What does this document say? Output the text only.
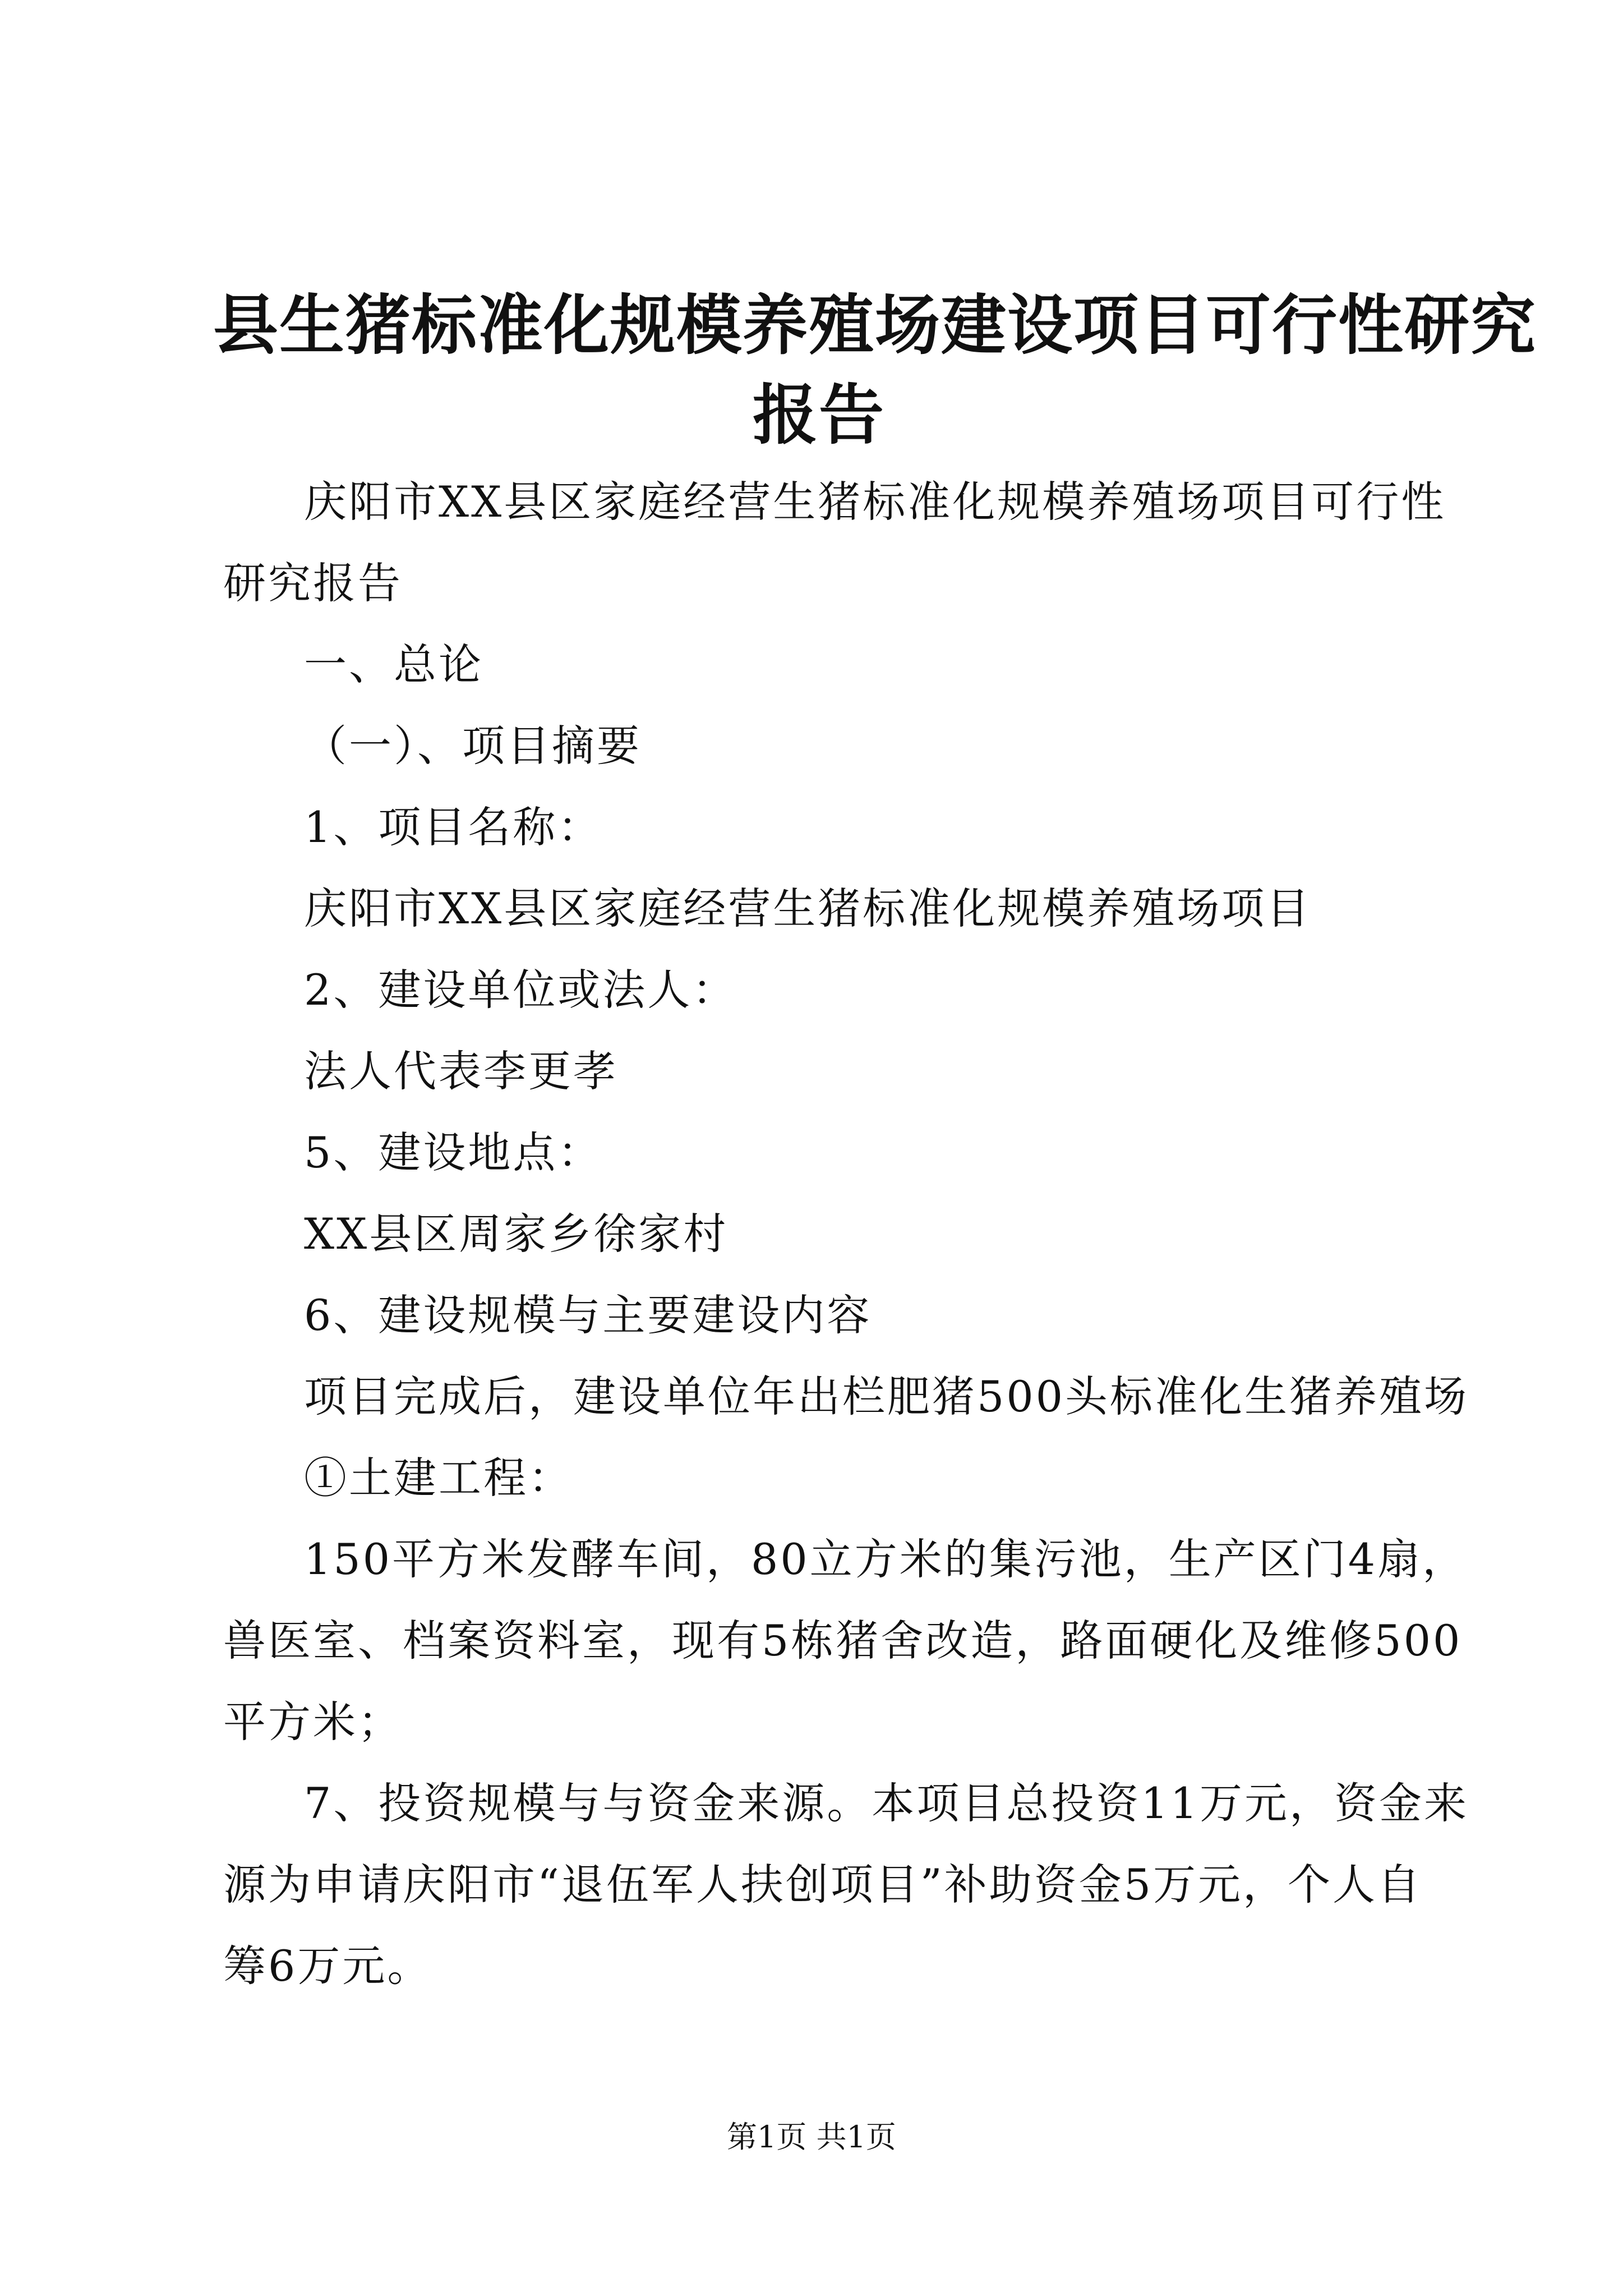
县生猪标准化规模养殖场建设项目可行性研究
报告

庆阳市XX县区家庭经营生猪标准化规模养殖场项目可行性

研究报告

一、总论

（一）、项目摘要

1、项目名称：

庆阳市XX县区家庭经营生猪标准化规模养殖场项目

2、建设单位或法人：

法人代表李更孝

5、建设地点：

XX县区周家乡徐家村

6、建设规模与主要建设内容

项目完成后，建设单位年出栏肥猪500头标准化生猪养殖场

①土建工程：

150平方米发酵车间，80立方米的集污池，生产区门4扇，

兽医室、档案资料室，现有5栋猪舍改造，路面硬化及维修500

平方米；

7、投资规模与与资金来源。本项目总投资11万元，资金来

源为申请庆阳市“退伍军人扶创项目”补助资金5万元，个人自

筹6万元。

第1页 共1页
